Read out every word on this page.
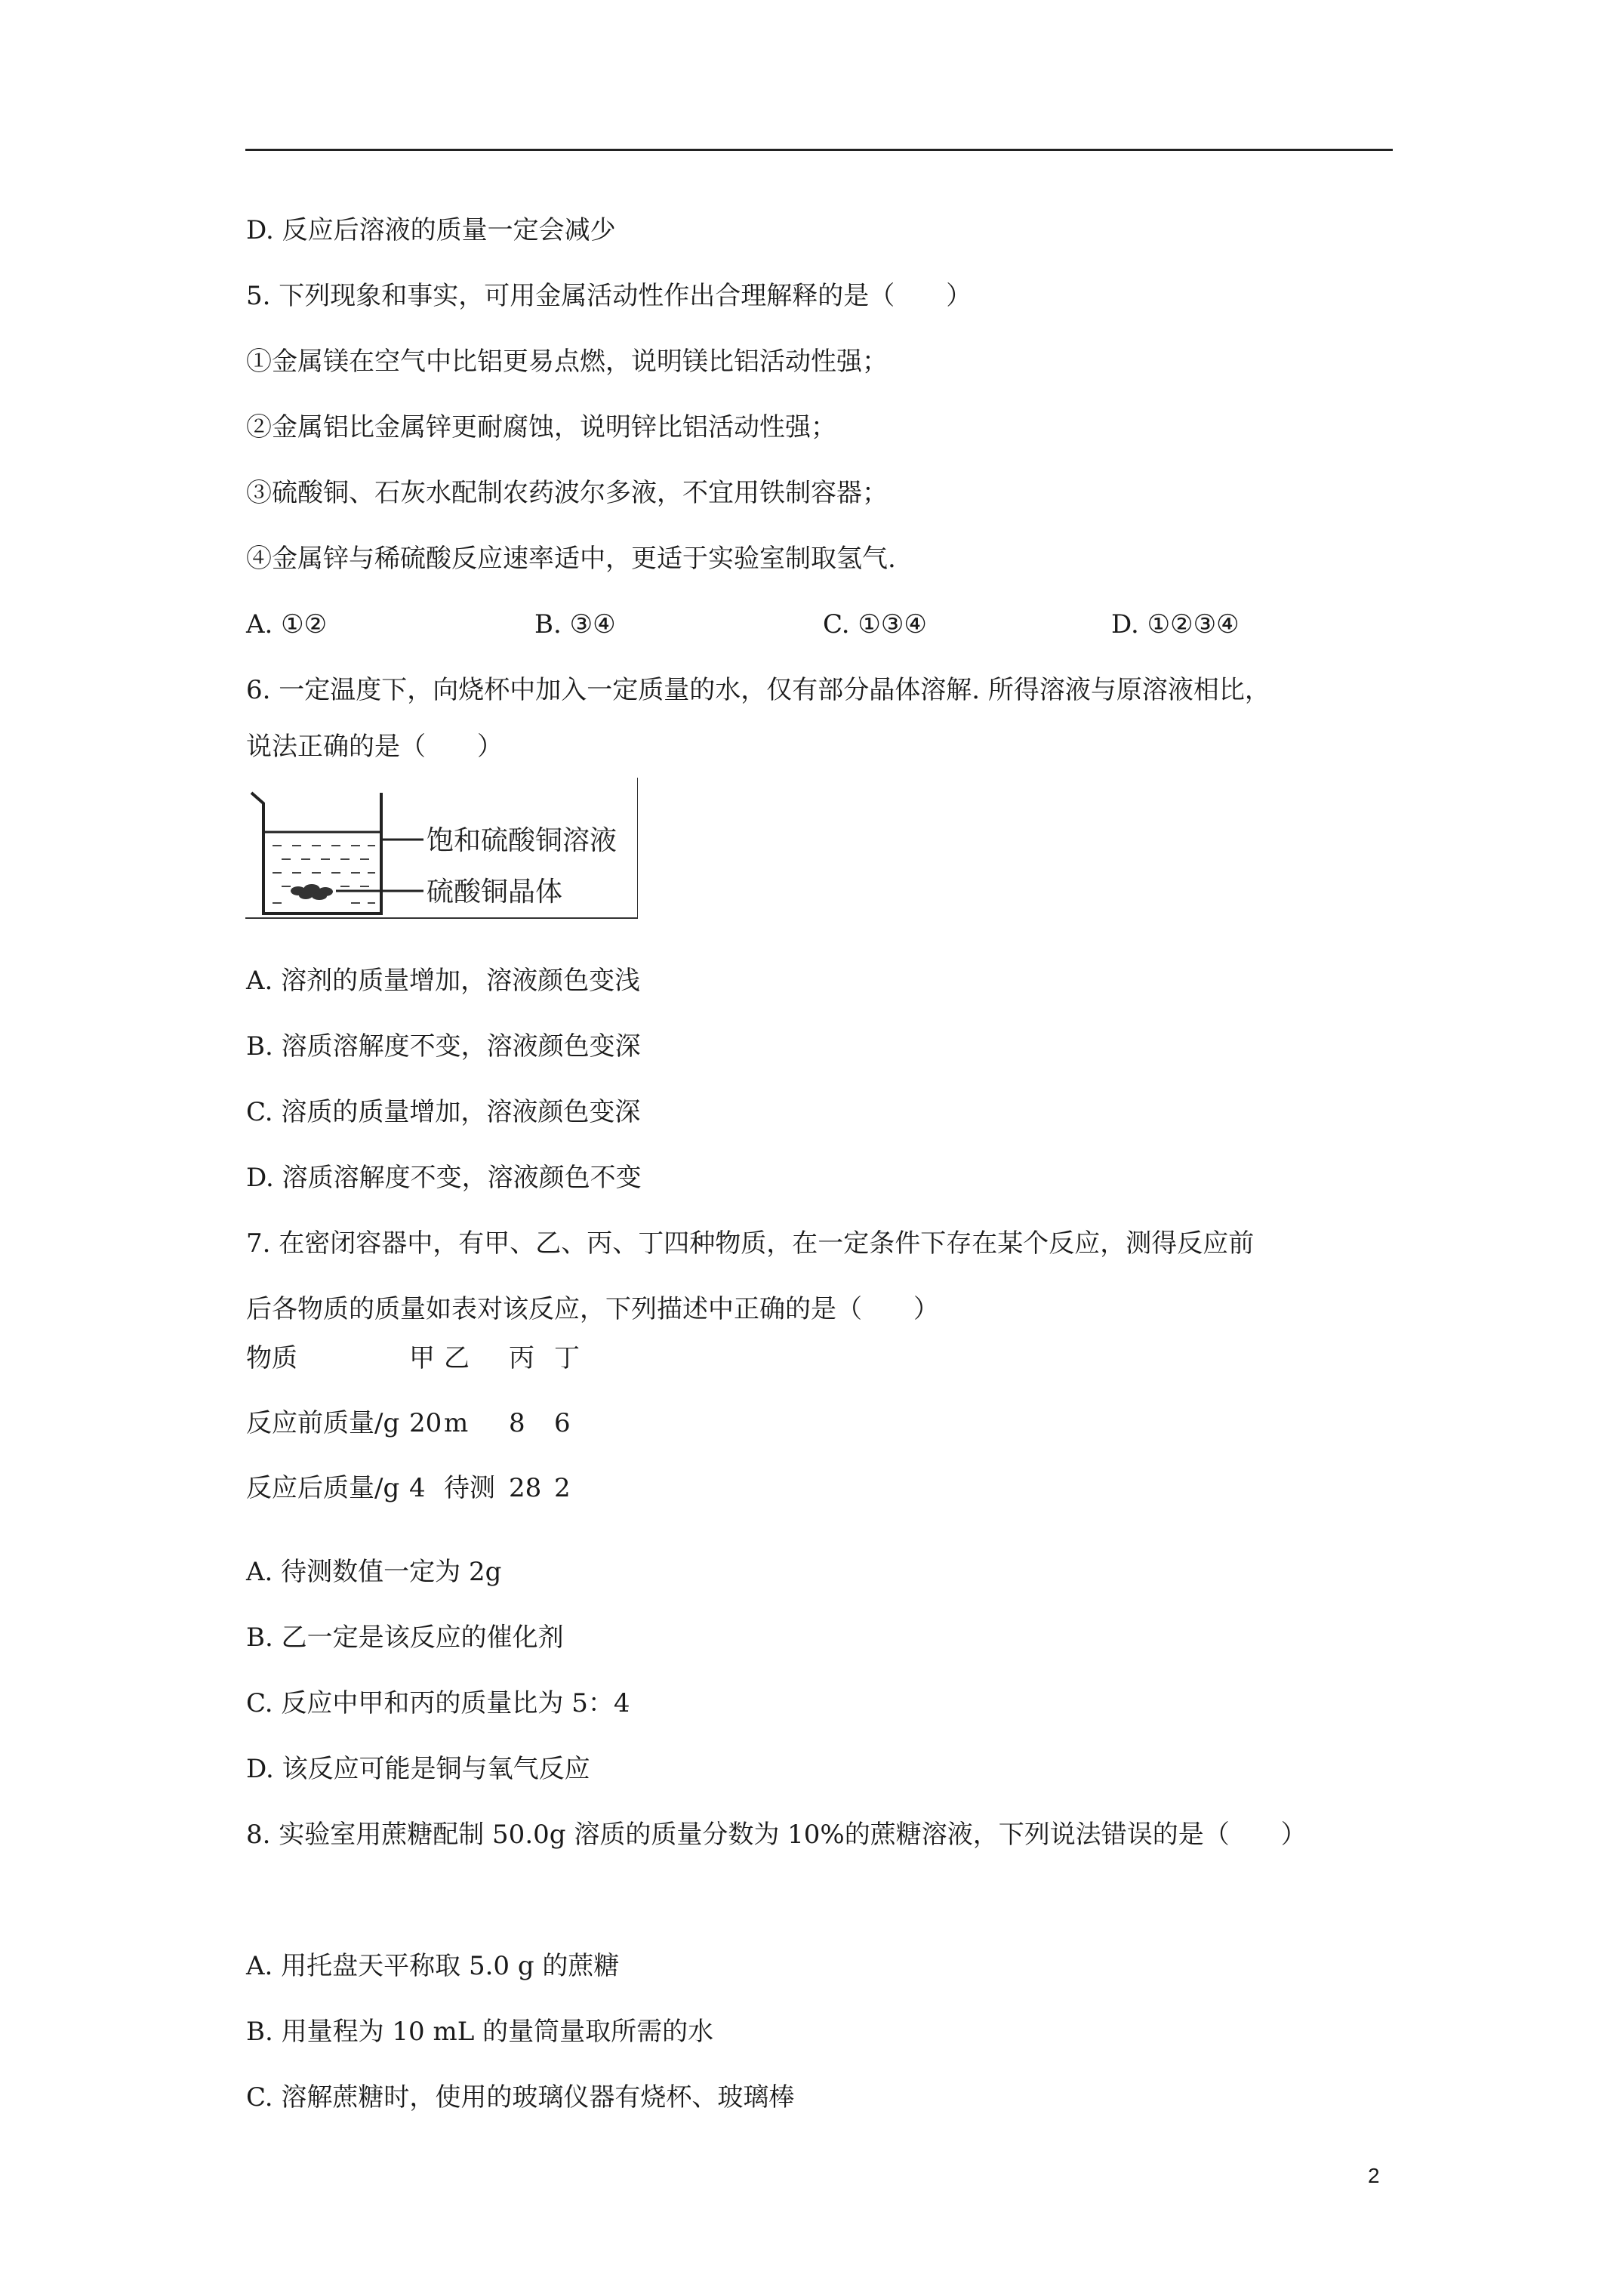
D. 反应后溶液的质量一定会减少
5. 下列现象和事实，可用金属活动性作出合理解释的是（　　）
①金属镁在空气中比铝更易点燃，说明镁比铝活动性强；
②金属铝比金属锌更耐腐蚀，说明锌比铝活动性强；
③硫酸铜、石灰水配制农药波尔多液，不宜用铁制容器；
④金属锌与稀硫酸反应速率适中，更适于实验室制取氢气.
A. ①②	B. ③④	C. ①③④	D. ①②③④
6. 一定温度下，向烧杯中加入一定质量的水，仅有部分晶体溶解. 所得溶液与原溶液相比，
说法正确的是（　　）
饱和硫酸铜溶液
硫酸铜晶体
A. 溶剂的质量增加，溶液颜色变浅
B. 溶质溶解度不变，溶液颜色变深
C. 溶质的质量增加，溶液颜色变深
D. 溶质溶解度不变，溶液颜色不变
7. 在密闭容器中，有甲、乙、丙、丁四种物质，在一定条件下存在某个反应，测得反应前
后各物质的质量如表对该反应，下列描述中正确的是（　　）
物质	甲	乙	丙	丁
反应前质量/g	20	m	8	6
反应后质量/g	4	待测	28	2
A. 待测数值一定为 2g
B. 乙一定是该反应的催化剂
C. 反应中甲和丙的质量比为 5：4
D. 该反应可能是铜与氧气反应
8. 实验室用蔗糖配制 50.0g 溶质的质量分数为 10%的蔗糖溶液，下列说法错误的是（　　）
A. 用托盘天平称取 5.0 g 的蔗糖
B. 用量程为 10 mL 的量筒量取所需的水
C. 溶解蔗糖时，使用的玻璃仪器有烧杯、玻璃棒
2
